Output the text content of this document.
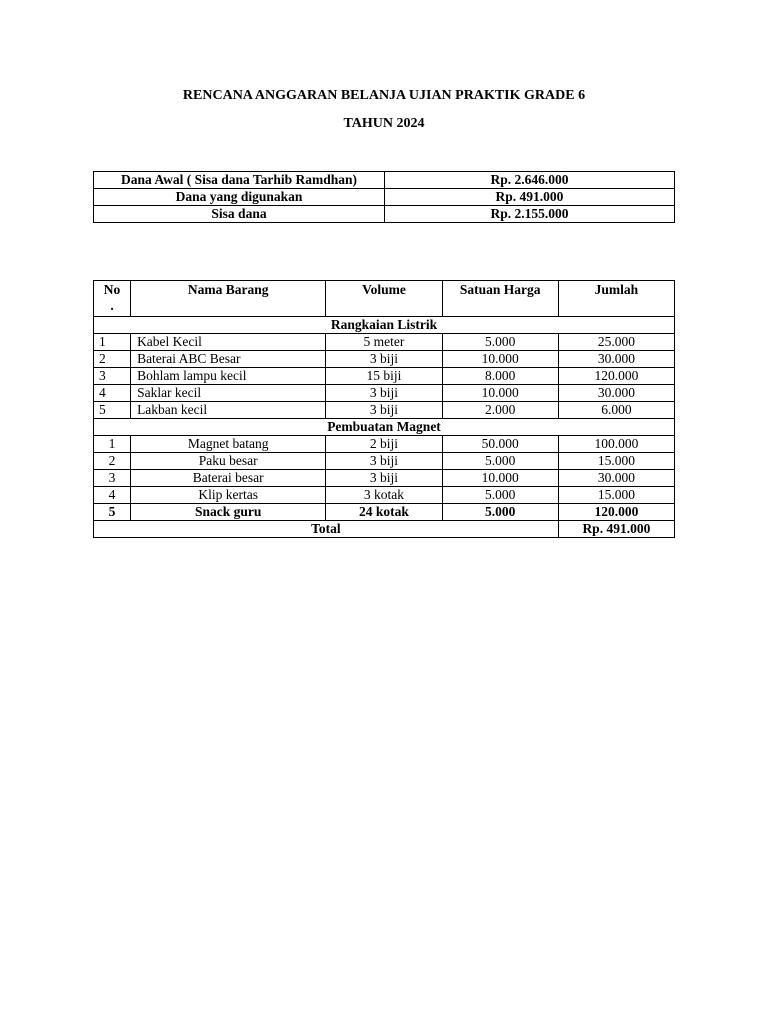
RENCANA ANGGARAN BELANJA UJIAN PRAKTIK GRADE 6
TAHUN 2024
Dana Awal ( Sisa dana Tarhib Ramdhan)	Rp. 2.646.000
Dana yang digunakan	Rp. 491.000
Sisa dana	Rp. 2.155.000
No
.	Nama Barang	Volume	Satuan Harga	Jumlah
Rangkaian Listrik				
1	Kabel Kecil	5 meter	5.000	25.000
2	Baterai ABC Besar	3 biji	10.000	30.000
3	Bohlam lampu kecil	15 biji	8.000	120.000
4	Saklar kecil	3 biji	10.000	30.000
5	Lakban kecil	3 biji	2.000	6.000
Pembuatan Magnet				
1	Magnet batang	2 biji	50.000	100.000
2	Paku besar	3 biji	5.000	15.000
3	Baterai besar	3 biji	10.000	30.000
4	Klip kertas	3 kotak	5.000	15.000
5	Snack guru	24 kotak	5.000	120.000
Total				Rp. 491.000
